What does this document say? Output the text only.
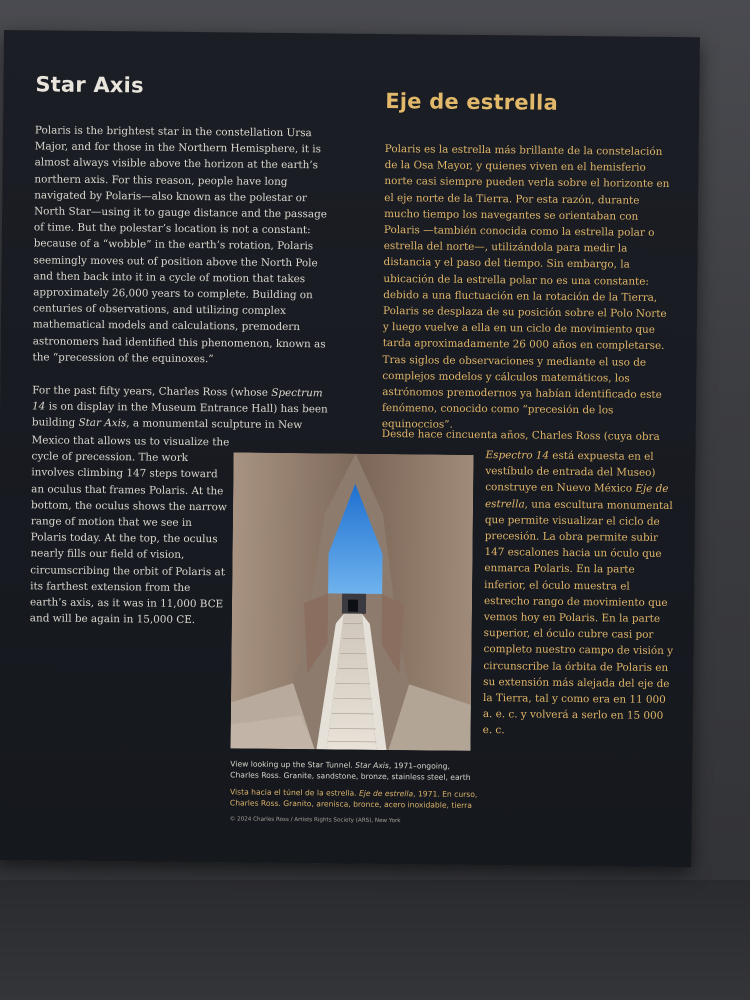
Star Axis
Eje de estrella

Polaris is the brightest star in the constellation Ursa Major, and for those in the Northern Hemisphere, it is almost always visible above the horizon at the earth’s northern axis. For this reason, people have long navigated by Polaris—also known as the polestar or North Star—using it to gauge distance and the passage of time. But the polestar’s location is not a constant: because of a “wobble” in the earth’s rotation, Polaris seemingly moves out of position above the North Pole and then back into it in a cycle of motion that takes approximately 26,000 years to complete. Building on centuries of observations, and utilizing complex mathematical models and calculations, premodern astronomers had identified this phenomenon, known as the “precession of the equinoxes.”

For the past fifty years, Charles Ross (whose Spectrum 14 is on display in the Museum Entrance Hall) has been building Star Axis, a monumental sculpture in New

Mexico that allows us to visualize the cycle of precession. The work involves climbing 147 steps toward an oculus that frames Polaris. At the bottom, the oculus shows the narrow range of motion that we see in Polaris today. At the top, the oculus nearly fills our field of vision, circumscribing the orbit of Polaris at its farthest extension from the earth’s axis, as it was in 11,000 BCE and will be again in 15,000 CE.

Polaris es la estrella más brillante de la constelación de la Osa Mayor, y quienes viven en el hemisferio norte casi siempre pueden verla sobre el horizonte en el eje norte de la Tierra. Por esta razón, durante mucho tiempo los navegantes se orientaban con Polaris —también conocida como la estrella polar o estrella del norte—, utilizándola para medir la distancia y el paso del tiempo. Sin embargo, la ubicación de la estrella polar no es una constante: debido a una fluctuación en la rotación de la Tierra, Polaris se desplaza de su posición sobre el Polo Norte y luego vuelve a ella en un ciclo de movimiento que tarda aproximadamente 26 000 años en completarse. Tras siglos de observaciones y mediante el uso de complejos modelos y cálculos matemáticos, los astrónomos premodernos ya habían identificado este fenómeno, conocido como “precesión de los equinoccios”.

Desde hace cincuenta años, Charles Ross (cuya obra

Espectro 14 está expuesta en el vestíbulo de entrada del Museo) construye en Nuevo México Eje de estrella, una escultura monumental que permite visualizar el ciclo de precesión. La obra permite subir 147 escalones hacia un óculo que enmarca Polaris. En la parte inferior, el óculo muestra el estrecho rango de movimiento que vemos hoy en Polaris. En la parte superior, el óculo cubre casi por completo nuestro campo de visión y circunscribe la órbita de Polaris en su extensión más alejada del eje de la Tierra, tal y como era en 11 000 a. e. c. y volverá a serlo en 15 000 e. c.

View looking up the Star Tunnel. Star Axis, 1971–ongoing, Charles Ross. Granite, sandstone, bronze, stainless steel, earth
Vista hacia el túnel de la estrella. Eje de estrella, 1971. En curso, Charles Ross. Granito, arenisca, bronce, acero inoxidable, tierra
© 2024 Charles Ross / Artists Rights Society (ARS), New York
